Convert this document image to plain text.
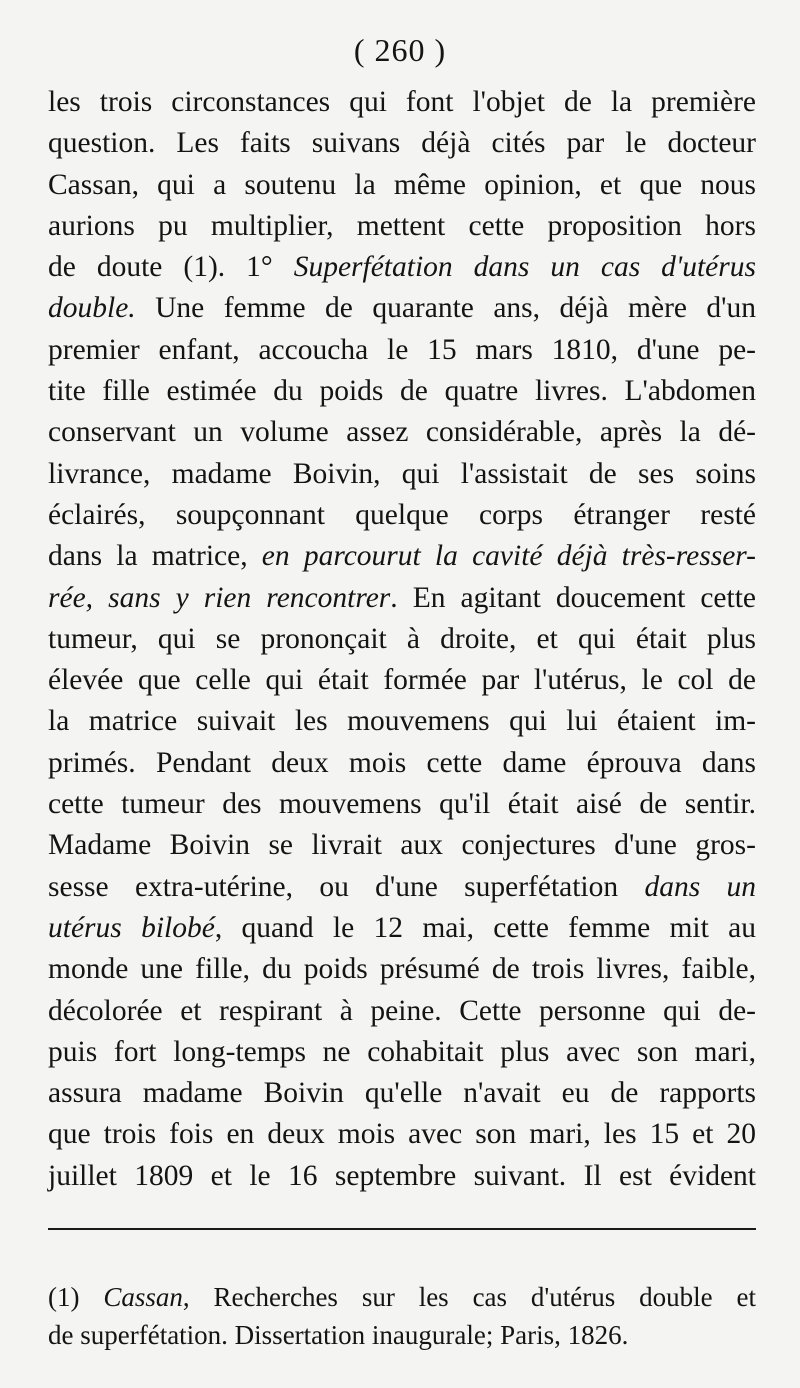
( 260 )
les trois circonstances qui font l'objet de la première
question. Les faits suivans déjà cités par le docteur
Cassan, qui a soutenu la même opinion, et que nous
aurions pu multiplier, mettent cette proposition hors
de doute (1). 1° Superfétation dans un cas d'utérus
double. Une femme de quarante ans, déjà mère d'un
premier enfant, accoucha le 15 mars 1810, d'une pe-
tite fille estimée du poids de quatre livres. L'abdomen
conservant un volume assez considérable, après la dé-
livrance, madame Boivin, qui l'assistait de ses soins
éclairés, soupçonnant quelque corps étranger resté
dans la matrice, en parcourut la cavité déjà très-resser-
rée, sans y rien rencontrer. En agitant doucement cette
tumeur, qui se prononçait à droite, et qui était plus
élevée que celle qui était formée par l'utérus, le col de
la matrice suivait les mouvemens qui lui étaient im-
primés. Pendant deux mois cette dame éprouva dans
cette tumeur des mouvemens qu'il était aisé de sentir.
Madame Boivin se livrait aux conjectures d'une gros-
sesse extra-utérine, ou d'une superfétation dans un
utérus bilobé, quand le 12 mai, cette femme mit au
monde une fille, du poids présumé de trois livres, faible,
décolorée et respirant à peine. Cette personne qui de-
puis fort long-temps ne cohabitait plus avec son mari,
assura madame Boivin qu'elle n'avait eu de rapports
que trois fois en deux mois avec son mari, les 15 et 20
juillet 1809 et le 16 septembre suivant. Il est évident
(1) Cassan, Recherches sur les cas d'utérus double et
de superfétation. Dissertation inaugurale; Paris, 1826.
